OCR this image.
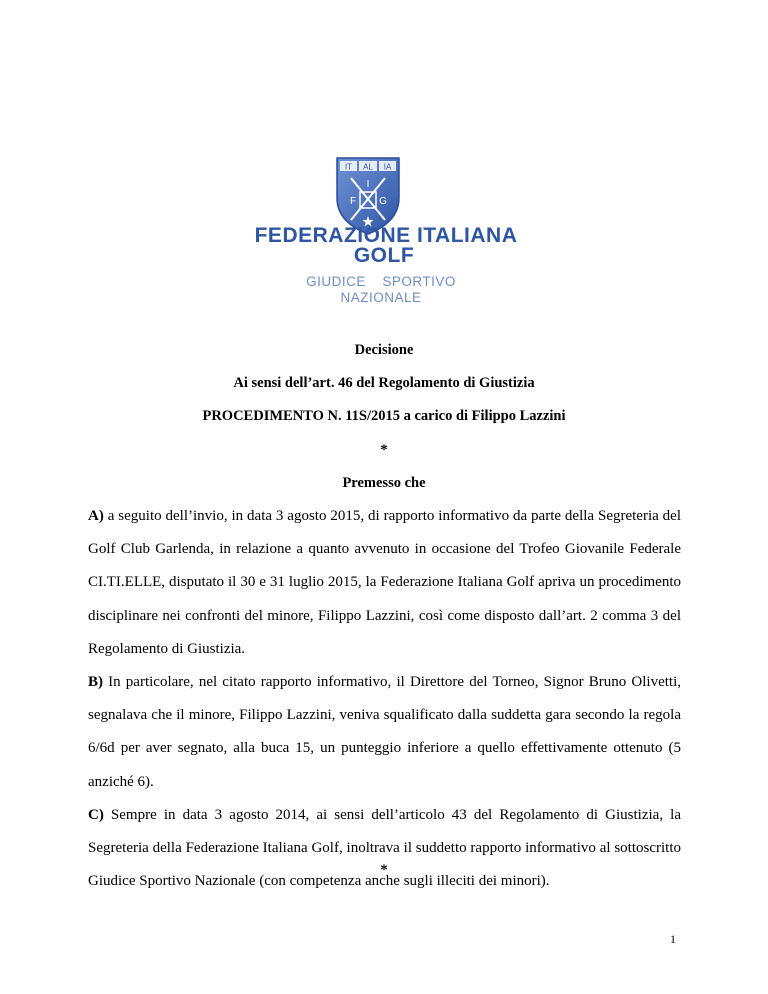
IT AL IA
F
I
G
FEDERAZIONE ITALIANA
GOLF
GIUDICE  SPORTIVO
NAZIONALE
Decisione
Ai sensi dell’art. 46 del Regolamento di Giustizia
PROCEDIMENTO N. 11S/2015 a carico di Filippo Lazzini
*
Premesso che

A) a seguito dell’invio, in data 3 agosto 2015, di rapporto informativo da parte della Segreteria del Golf Club Garlenda, in relazione a quanto avvenuto in occasione del Trofeo Giovanile Federale CI.TI.ELLE, disputato il 30 e 31 luglio 2015, la Federazione Italiana Golf apriva un procedimento disciplinare nei confronti del minore, Filippo Lazzini, così come disposto dall’art. 2 comma 3 del Regolamento di Giustizia.

B) In particolare, nel citato rapporto informativo, il Direttore del Torneo, Signor Bruno Olivetti, segnalava che il minore, Filippo Lazzini, veniva squalificato dalla suddetta gara secondo la regola 6/6d per aver segnato, alla buca 15, un punteggio inferiore a quello effettivamente ottenuto (5 anziché 6).

C) Sempre in data 3 agosto 2014, ai sensi dell’articolo 43 del Regolamento di Giustizia, la Segreteria della Federazione Italiana Golf, inoltrava il suddetto rapporto informativo al sottoscritto Giudice Sportivo Nazionale (con competenza anche sugli illeciti dei minori).

*
1
